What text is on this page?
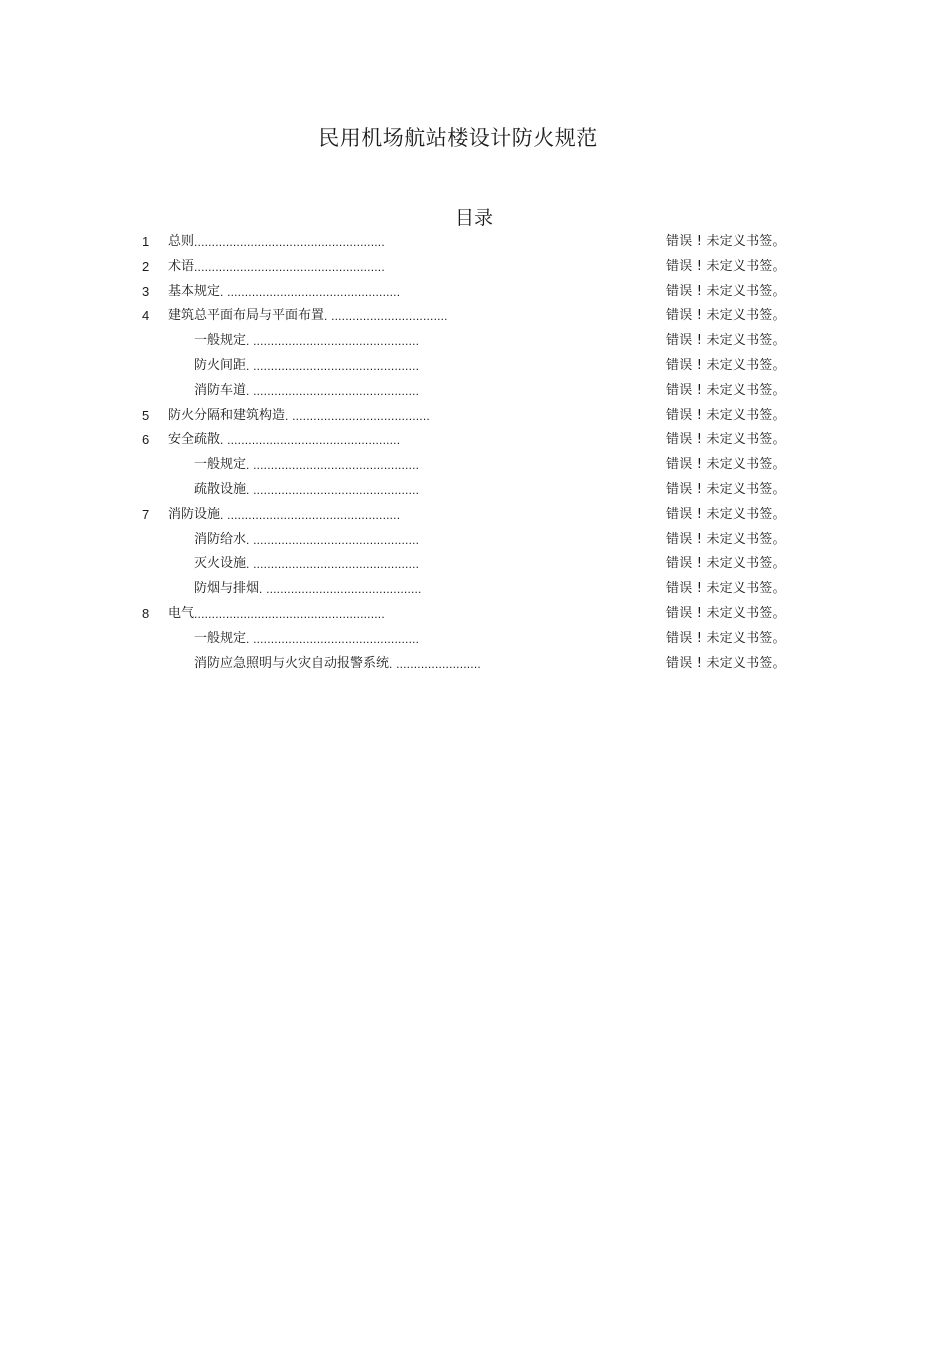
民用机场航站楼设计防火规范
目录
1 总则 ......................................................	错误 ! 未定义书签。
2 术语 ......................................................	错误 ! 未定义书签。
3 基本规定 . .................................................	错误 ! 未定义书签。
4 建筑总平面布局与平面布置 . .................................	错误 ! 未定义书签。
一般规定 . ...............................................	错误 ! 未定义书签。
防火间距 . ...............................................	错误 ! 未定义书签。
消防车道 . ...............................................	错误 ! 未定义书签。
5 防火分隔和建筑构造 . .......................................	错误 ! 未定义书签。
6 安全疏散 . .................................................	错误 ! 未定义书签。
一般规定 . ...............................................	错误 ! 未定义书签。
疏散设施 . ...............................................	错误 ! 未定义书签。
7 消防设施 . .................................................	错误 ! 未定义书签。
消防给水 . ...............................................	错误 ! 未定义书签。
灭火设施 . ...............................................	错误 ! 未定义书签。
防烟与排烟 . ............................................	错误 ! 未定义书签。
8 电气 ......................................................	错误 ! 未定义书签。
一般规定 . ...............................................	错误 ! 未定义书签。
消防应急照明与火灾自动报警系统 . ........................	错误 ! 未定义书签。
